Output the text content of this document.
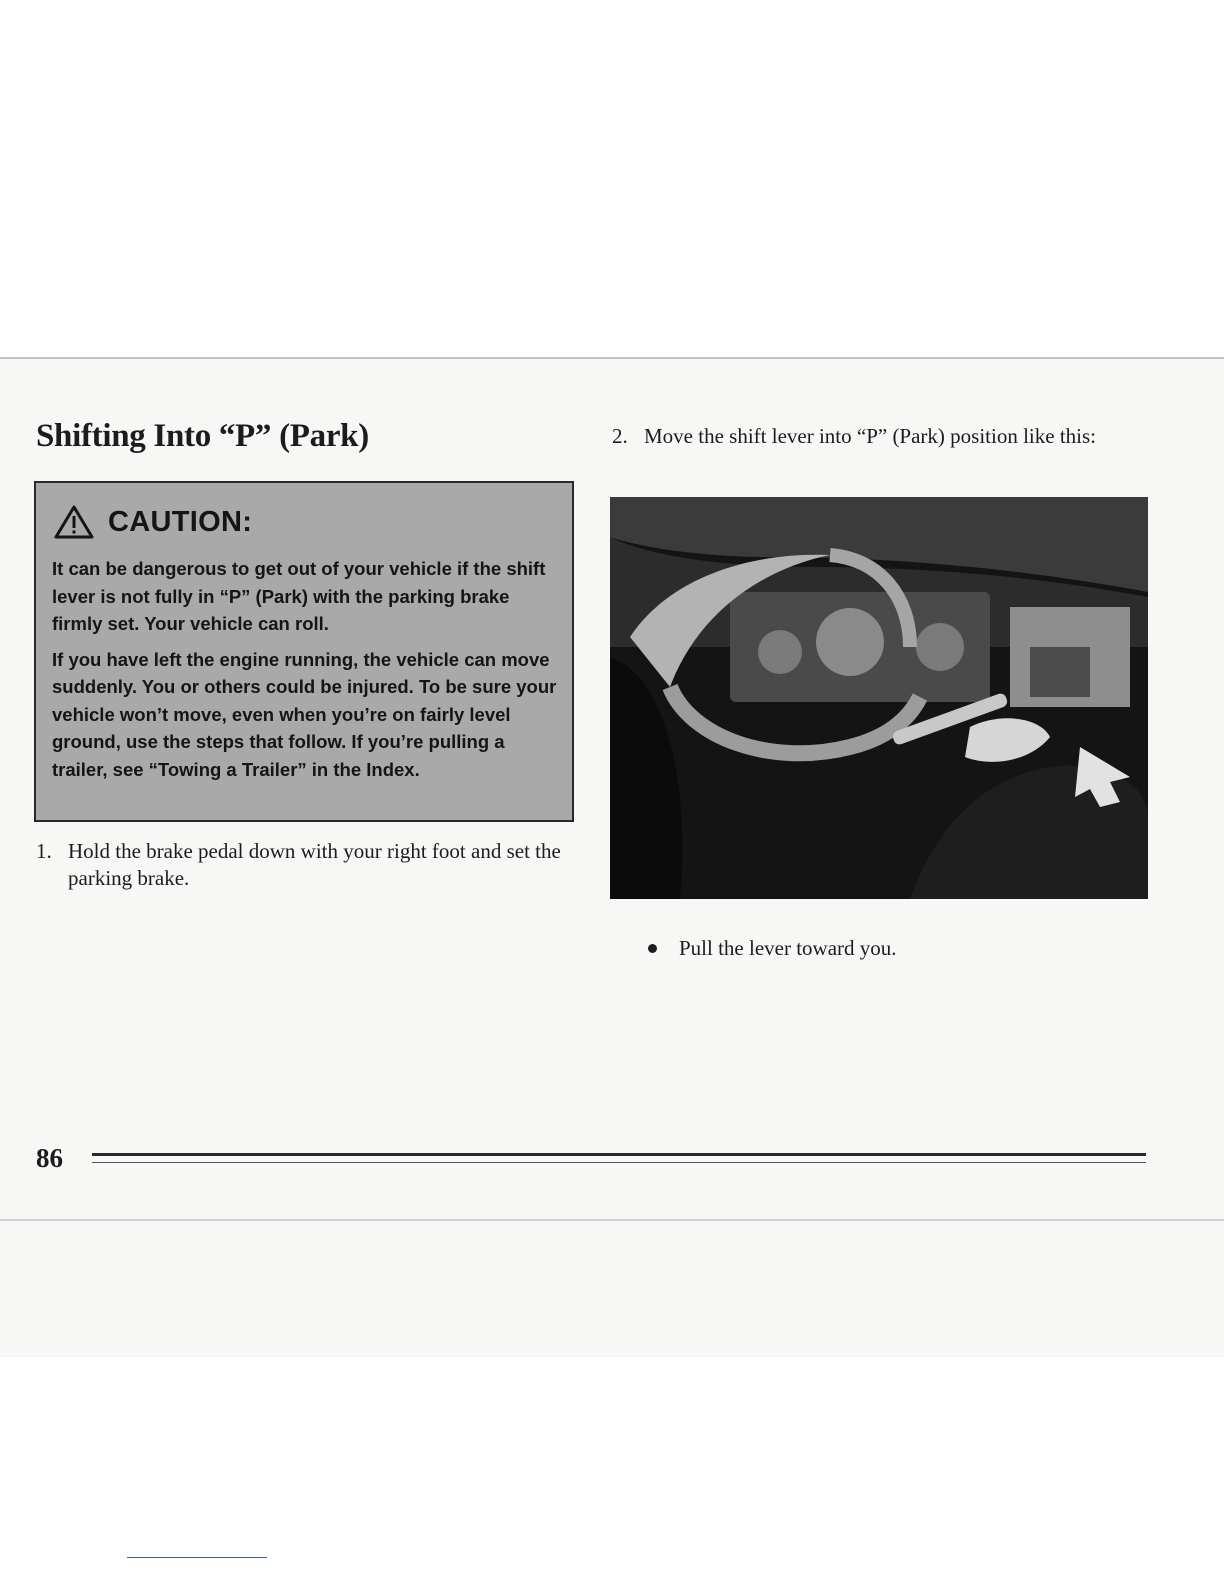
Shifting Into “P” (Park)
CAUTION:

It can be dangerous to get out of your vehicle if the shift lever is not fully in “P” (Park) with the parking brake firmly set. Your vehicle can roll.

If you have left the engine running, the vehicle can move suddenly. You or others could be injured. To be sure your vehicle won’t move, even when you’re on fairly level ground, use the steps that follow. If you’re pulling a trailer, see “Towing a Trailer” in the Index.

1. Hold the brake pedal down with your right foot and set the parking brake.
2. Move the shift lever into “P” (Park) position like this:
Pull the lever toward you.

86
